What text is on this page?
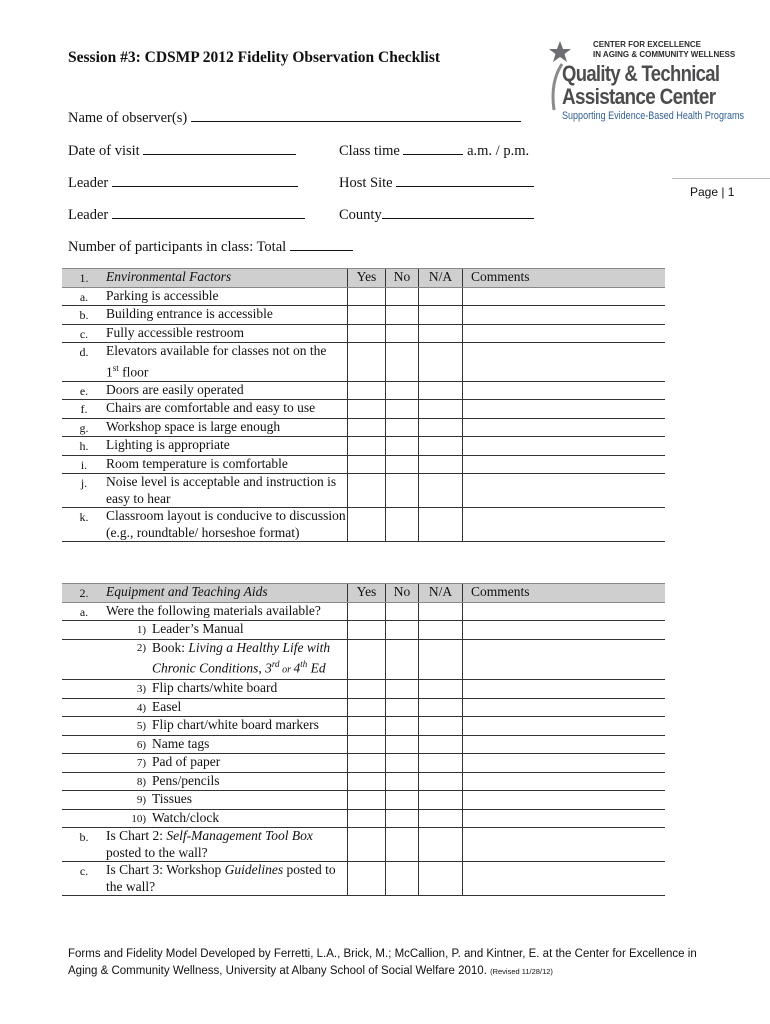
Session #3: CDSMP 2012 Fidelity Observation Checklist
CENTER FOR EXCELLENCE
IN AGING & COMMUNITY WELLNESS
Quality & Technical
Assistance Center
Supporting Evidence-Based Health Programs
Name of observer(s)
Date of visit	Class time	a.m. / p.m.
Leader	Host Site
Leader	County
Number of participants in class: Total
Page | 1
1.	Environmental Factors	Yes	No	N/A	Comments
a.	Parking is accessible				
b.	Building entrance is accessible				
c.	Fully accessible restroom				
d.	Elevators available for classes not on the
1st floor				
e.	Doors are easily operated				
f.	Chairs are comfortable and easy to use				
g.	Workshop space is large enough				
h.	Lighting is appropriate				
i.	Room temperature is comfortable				
j.	Noise level is acceptable and instruction is easy to hear				
k.	Classroom layout is conducive to discussion (e.g., roundtable/ horseshoe format)				
2.	Equipment and Teaching Aids	Yes	No	N/A	Comments
a.	Were the following materials available?				
	1) Leader’s Manual				

	2) Book: Living a Healthy Life with Chronic Conditions, 3rd or 4th Ed				

	3) Flip charts/white board				
	4) Easel				
	5) Flip chart/white board markers				
	6) Name tags				
	7) Pad of paper				
	8) Pens/pencils				
	9) Tissues				
	10) Watch/clock				
b.	Is Chart 2: Self-Management Tool Box posted to the wall?				
c.	Is Chart 3: Workshop Guidelines posted to the wall?				
Forms and Fidelity Model Developed by Ferretti, L.A., Brick, M.; McCallion, P. and Kintner, E. at the Center for Excellence in Aging & Community Wellness, University at Albany School of Social Welfare 2010. (Revised 11/28/12)
